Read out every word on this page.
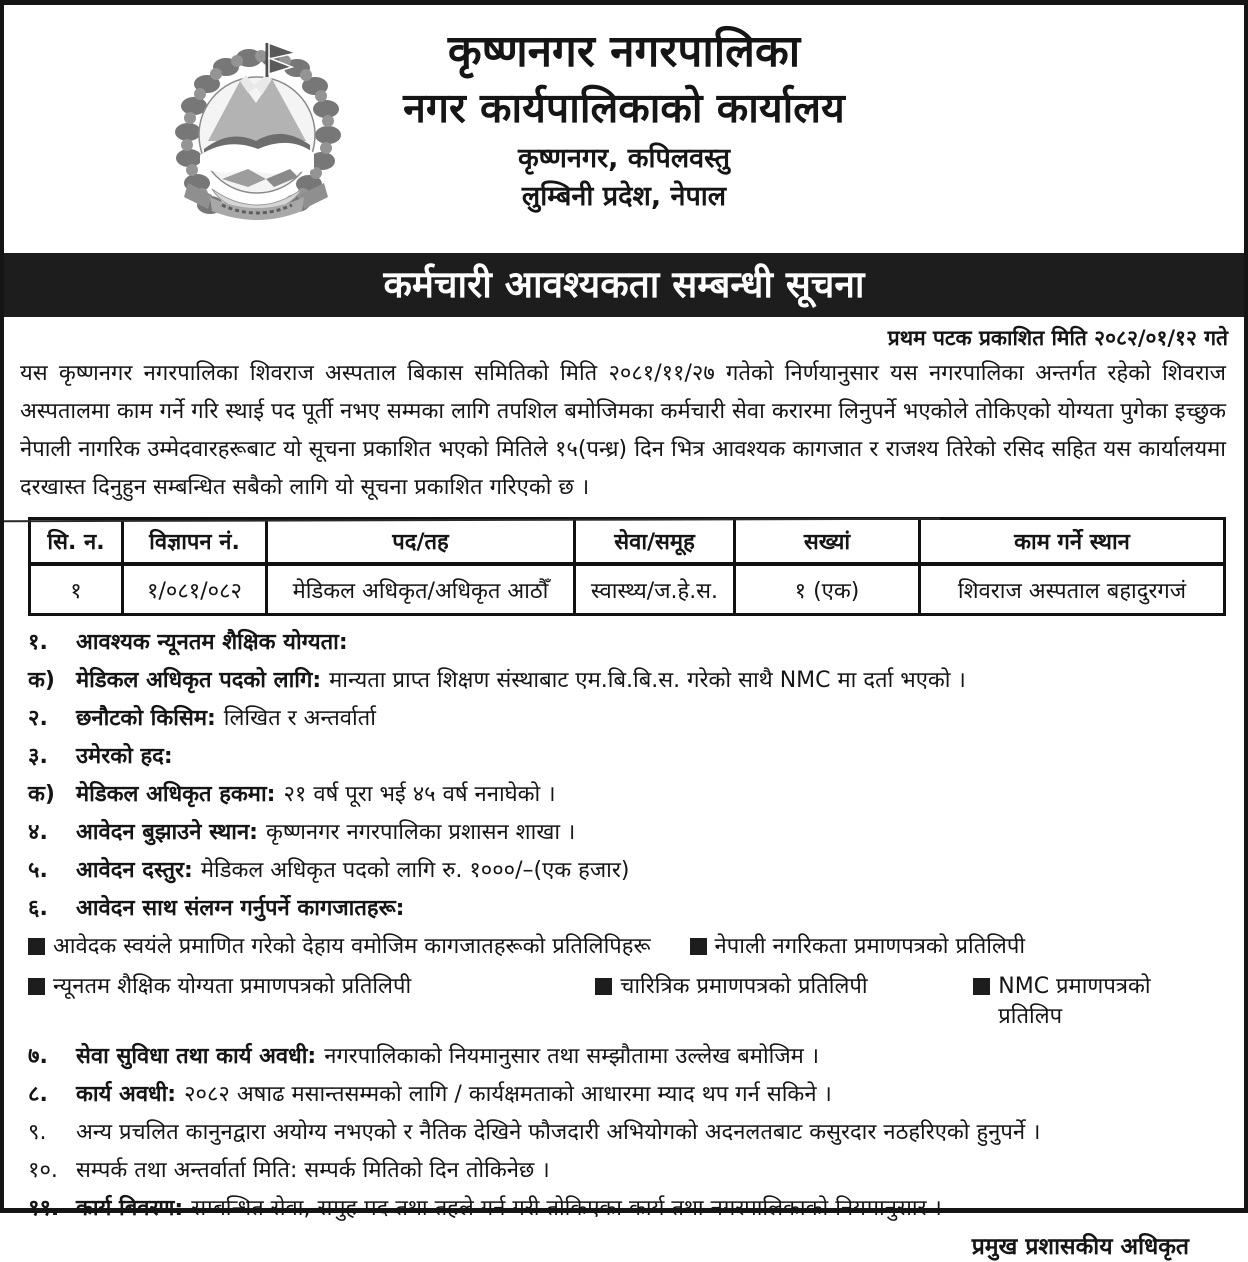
कृष्णनगर नगरपालिका
नगर कार्यपालिकाको कार्यालय
कृष्णनगर, कपिलवस्तु
लुम्बिनी प्रदेश, नेपाल
कर्मचारी आवश्यकता सम्बन्धी सूचना
प्रथम पटक प्रकाशित मिति २०८२/०१/१२ गते
यस कृष्णनगर नगरपालिका शिवराज अस्पताल बिकास समितिको मिति २०८१/११/२७ गतेको निर्णयानुसार यस नगरपालिका अन्तर्गत रहेको शिवराज अस्पतालमा काम गर्ने गरि स्थाई पद पूर्ती नभए सम्मका लागि तपशिल बमोजिमका कर्मचारी सेवा करारमा लिनुपर्ने भएकोले तोकिएको योग्यता पुगेका इच्छुक नेपाली नागरिक उम्मेदवारहरूबाट यो सूचना प्रकाशित भएको मितिले १५(पन्ध्र) दिन भित्र आवश्यक कागजात र राजश्य तिरेको रसिद सहित यस कार्यालयमा दरखास्त दिनुहुन सम्बन्धित सबैको लागि यो सूचना प्रकाशित गरिएको छ ।
सि. न.	विज्ञापन नं.	पद/तह	सेवा/समूह	सख्यां	काम गर्ने स्थान
१	१/०८१/०८२	मेडिकल अधिकृत/अधिकृत आठौँ	स्वास्थ्य/ज.हे.स.	१ (एक)	शिवराज अस्पताल बहादुरगजं
१.	आवश्यक न्यूनतम शैक्षिक योग्यता:
क) मेडिकल अधिकृत पदको लागि: मान्यता प्राप्त शिक्षण संस्थाबाट एम.बि.बि.स. गरेको साथै NMC मा दर्ता भएको ।
२.	छनौटको किसिम: लिखित र अन्तर्वार्ता
३.	उमेरको हद:
क) मेडिकल अधिकृत हकमा: २१ वर्ष पूरा भई ४५ वर्ष ननाघेको ।
४.	आवेदन बुझाउने स्थान: कृष्णनगर नगरपालिका प्रशासन शाखा ।
५.	आवेदन दस्तुर: मेडिकल अधिकृत पदको लागि रु. १०००/–(एक हजार)
६.	आवेदन साथ संलग्न गर्नुपर्ने कागजातहरू:
आवेदक स्वयंले प्रमाणित गरेको देहाय वमोजिम कागजातहरूको प्रतिलिपिहरू	नेपाली नगरिकता प्रमाणपत्रको प्रतिलिपी
न्यूनतम शैक्षिक योग्यता प्रमाणपत्रको प्रतिलिपी	चारित्रिक प्रमाणपत्रको प्रतिलिपी	NMC प्रमाणपत्रको प्रतिलिप
७.	सेवा सुविधा तथा कार्य अवधी: नगरपालिकाको नियमानुसार तथा सम्झौतामा उल्लेख बमोजिम ।
८.	कार्य अवधी: २०८२ अषाढ मसान्तसम्मको लागि / कार्यक्षमताको आधारमा म्याद थप गर्न सकिने ।
९.	अन्य प्रचलित कानुनद्वारा अयोग्य नभएको र नैतिक देखिने फौजदारी अभियोगको अदनलतबाट कसुरदार नठहरिएको हुनुपर्ने ।
१०. सम्पर्क तथा अन्तर्वार्ता मिति: सम्पर्क मितिको दिन तोकिनेछ ।
११. कार्य बिवरण: सम्बन्धित सेवा, समुह पद तथा तहले गर्न गरी तोकिएका कार्य तथा नगरपालिकाको नियमानुसार ।
प्रमुख प्रशासकीय अधिकृत
